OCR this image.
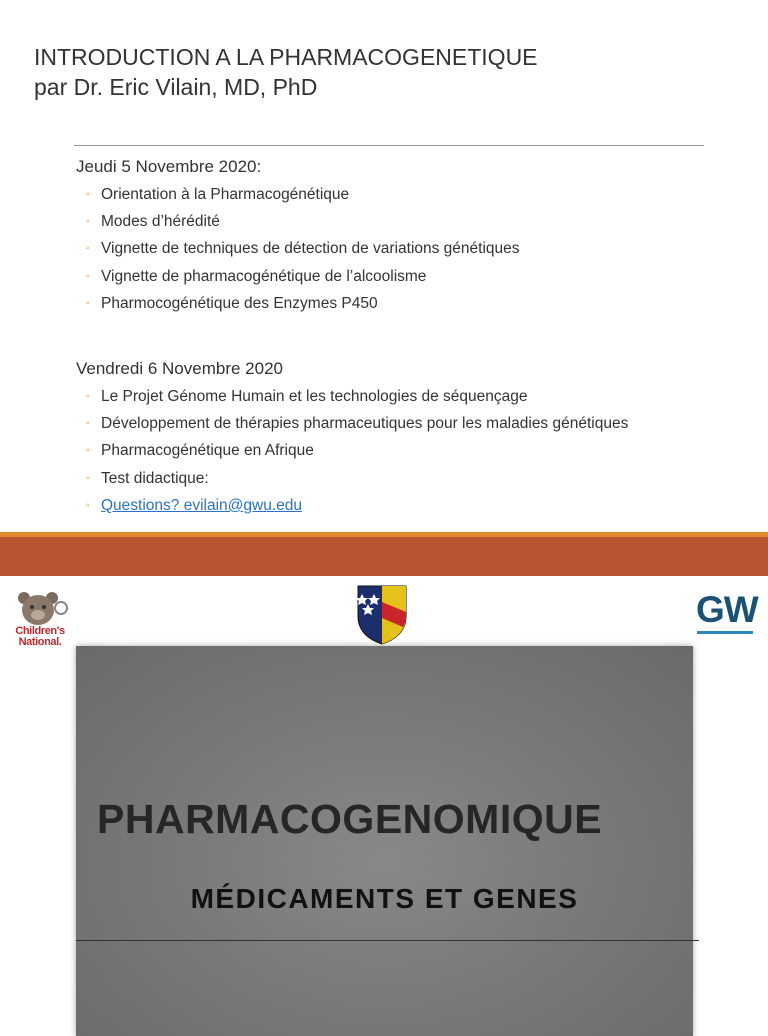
INTRODUCTION A LA PHARMACOGENETIQUE
par Dr. Eric Vilain, MD, PhD
Jeudi 5 Novembre 2020:
◦ Orientation à la Pharmacogénétique
◦ Modes d’hérédité
◦ Vignette de techniques de détection de variations génétiques
◦ Vignette de pharmacogénétique de l’alcoolisme
◦ Pharmocogénétique des Enzymes P450
Vendredi 6 Novembre 2020
◦ Le Projet Génome Humain et les technologies de séquençage
◦ Développement de thérapies pharmaceutiques pour les maladies génétiques
◦ Pharmacogénétique en Afrique
◦ Test didactique:
◦ Questions? evilain@gwu.edu
Children's
National.
GW
PHARMACOGENOMIQUE
MÉDICAMENTS ET GENES
